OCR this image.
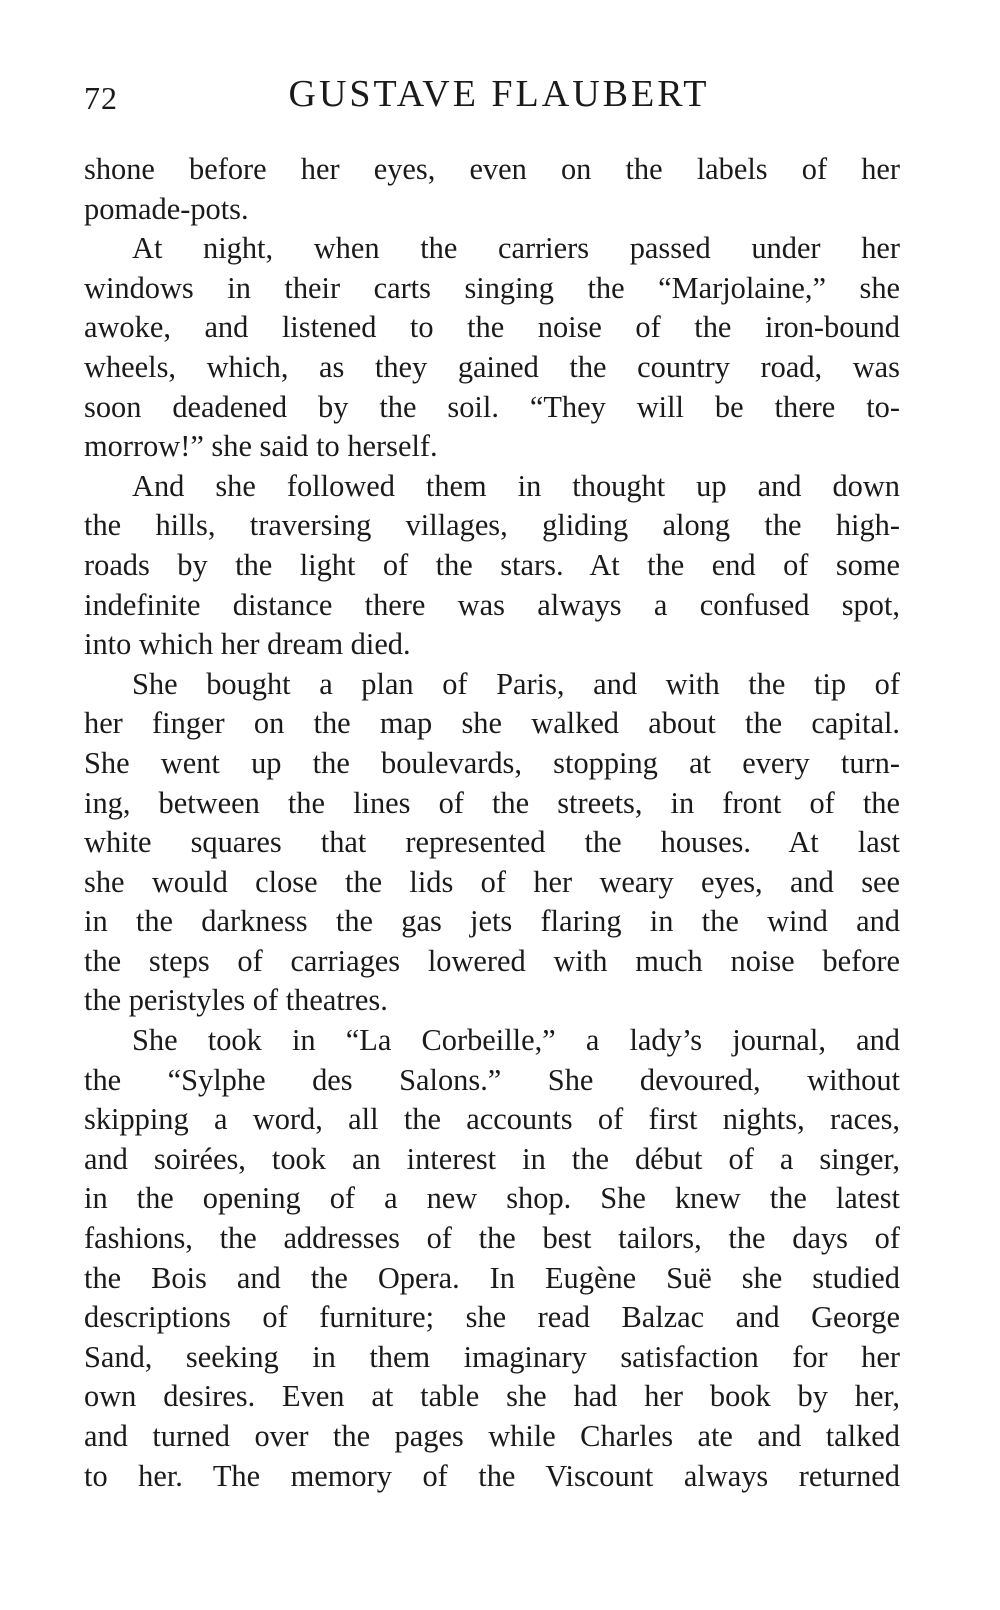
72	GUSTAVE FLAUBERT
shone before her eyes, even on the labels of her
pomade-pots.
At night, when the carriers passed under her
windows in their carts singing the “Marjolaine,” she
awoke, and listened to the noise of the iron-bound
wheels, which, as they gained the country road, was
soon deadened by the soil. “They will be there to-
morrow!” she said to herself.
And she followed them in thought up and down
the hills, traversing villages, gliding along the high-
roads by the light of the stars. At the end of some
indefinite distance there was always a confused spot,
into which her dream died.
She bought a plan of Paris, and with the tip of
her finger on the map she walked about the capital.
She went up the boulevards, stopping at every turn-
ing, between the lines of the streets, in front of the
white squares that represented the houses. At last
she would close the lids of her weary eyes, and see
in the darkness the gas jets flaring in the wind and
the steps of carriages lowered with much noise before
the peristyles of theatres.
She took in “La Corbeille,” a lady’s journal, and
the “Sylphe des Salons.” She devoured, without
skipping a word, all the accounts of first nights, races,
and soirées, took an interest in the début of a singer,
in the opening of a new shop. She knew the latest
fashions, the addresses of the best tailors, the days of
the Bois and the Opera. In Eugène Suë she studied
descriptions of furniture; she read Balzac and George
Sand, seeking in them imaginary satisfaction for her
own desires. Even at table she had her book by her,
and turned over the pages while Charles ate and talked
to her. The memory of the Viscount always returned
